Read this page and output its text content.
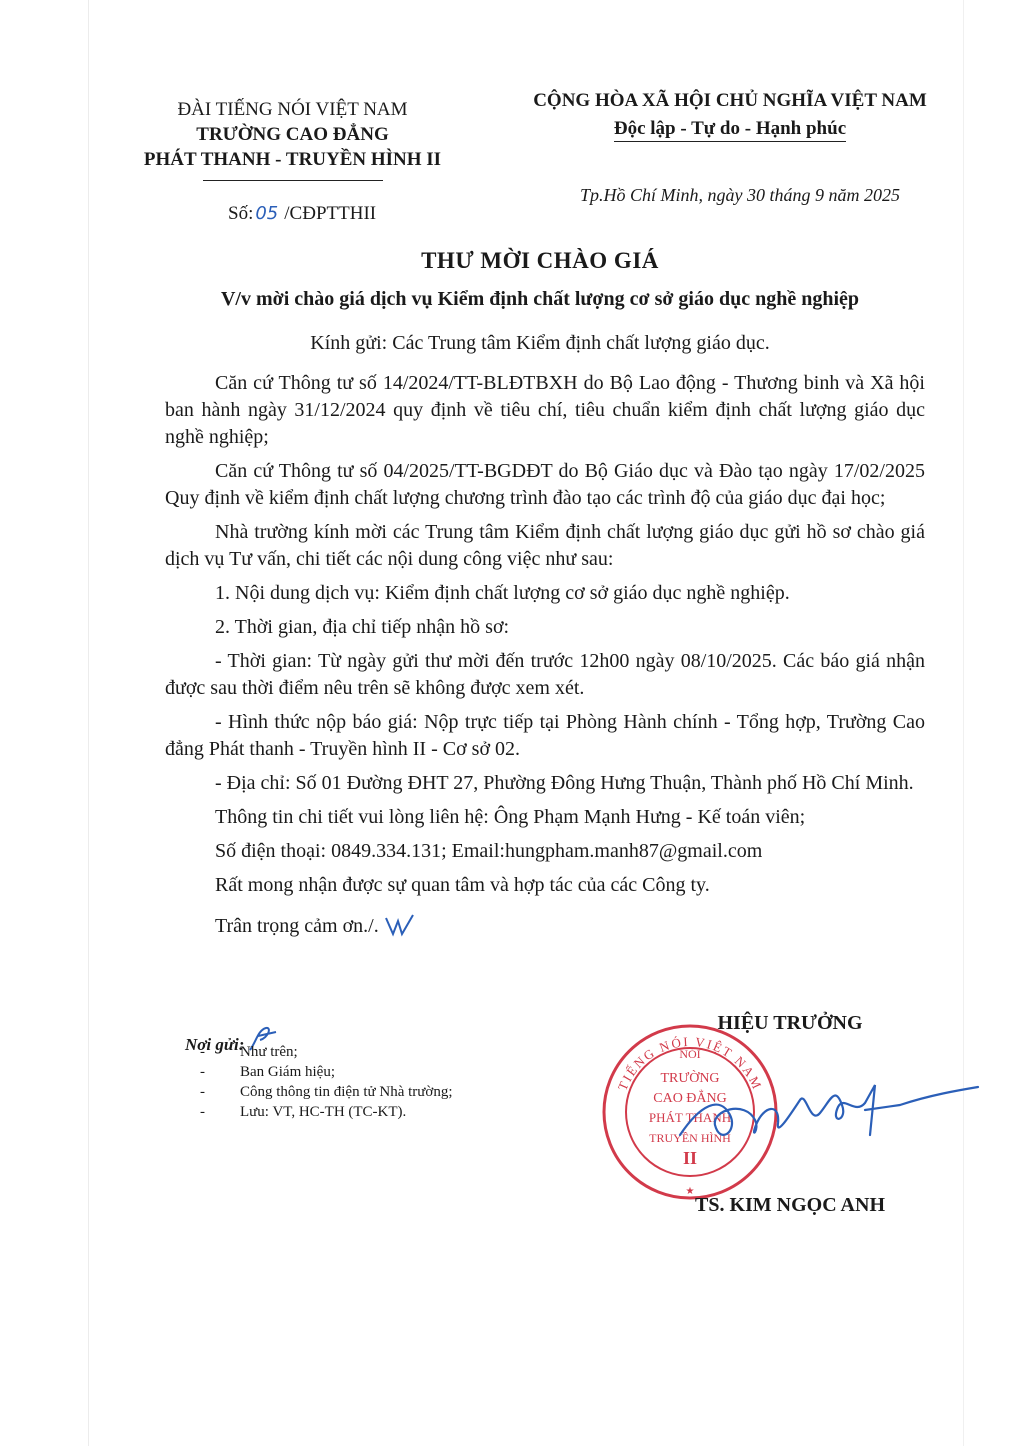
ĐÀI TIẾNG NÓI VIỆT NAM
TRƯỜNG CAO ĐẲNG
PHÁT THANH - TRUYỀN HÌNH II
CỘNG HÒA XÃ HỘI CHỦ NGHĨA VIỆT NAM
Độc lập - Tự do - Hạnh phúc
Số: 05 /CĐPTTHII
Tp.Hồ Chí Minh, ngày 30 tháng 9 năm 2025
THƯ MỜI CHÀO GIÁ
V/v mời chào giá dịch vụ Kiểm định chất lượng cơ sở giáo dục nghề nghiệp
Kính gửi: Các Trung tâm Kiểm định chất lượng giáo dục.

Căn cứ Thông tư số 14/2024/TT-BLĐTBXH do Bộ Lao động - Thương binh và Xã hội ban hành ngày 31/12/2024 quy định về tiêu chí, tiêu chuẩn kiểm định chất lượng giáo dục nghề nghiệp;

Căn cứ Thông tư số 04/2025/TT-BGDĐT do Bộ Giáo dục và Đào tạo ngày 17/02/2025 Quy định về kiểm định chất lượng chương trình đào tạo các trình độ của giáo dục đại học;

Nhà trường kính mời các Trung tâm Kiểm định chất lượng giáo dục gửi hồ sơ chào giá dịch vụ Tư vấn, chi tiết các nội dung công việc như sau:

1. Nội dung dịch vụ: Kiểm định chất lượng cơ sở giáo dục nghề nghiệp.

2. Thời gian, địa chỉ tiếp nhận hồ sơ:

- Thời gian: Từ ngày gửi thư mời đến trước 12h00 ngày 08/10/2025. Các báo giá nhận được sau thời điểm nêu trên sẽ không được xem xét.

- Hình thức nộp báo giá: Nộp trực tiếp tại Phòng Hành chính - Tổng hợp, Trường Cao đẳng Phát thanh - Truyền hình II - Cơ sở 02.

- Địa chỉ: Số 01 Đường ĐHT 27, Phường Đông Hưng Thuận, Thành phố Hồ Chí Minh.

Thông tin chi tiết vui lòng liên hệ: Ông Phạm Mạnh Hưng - Kế toán viên;

Số điện thoại: 0849.334.131; Email:hungpham.manh87@gmail.com

Rất mong nhận được sự quan tâm và hợp tác của các Công ty.

Trân trọng cảm ơn./.

Nơi gửi:
- Như trên;
- Ban Giám hiệu;
- Công thông tin điện tử Nhà trường;
- Lưu: VT, HC-TH (TC-KT).
HIỆU TRƯỞNG
TIẾNG NÓI VIỆT NAM
NÓI
TRƯỜNG
CAO ĐẲNG
PHÁT THANH
TRUYỀN HÌNH
II
★
TS. KIM NGỌC ANH
